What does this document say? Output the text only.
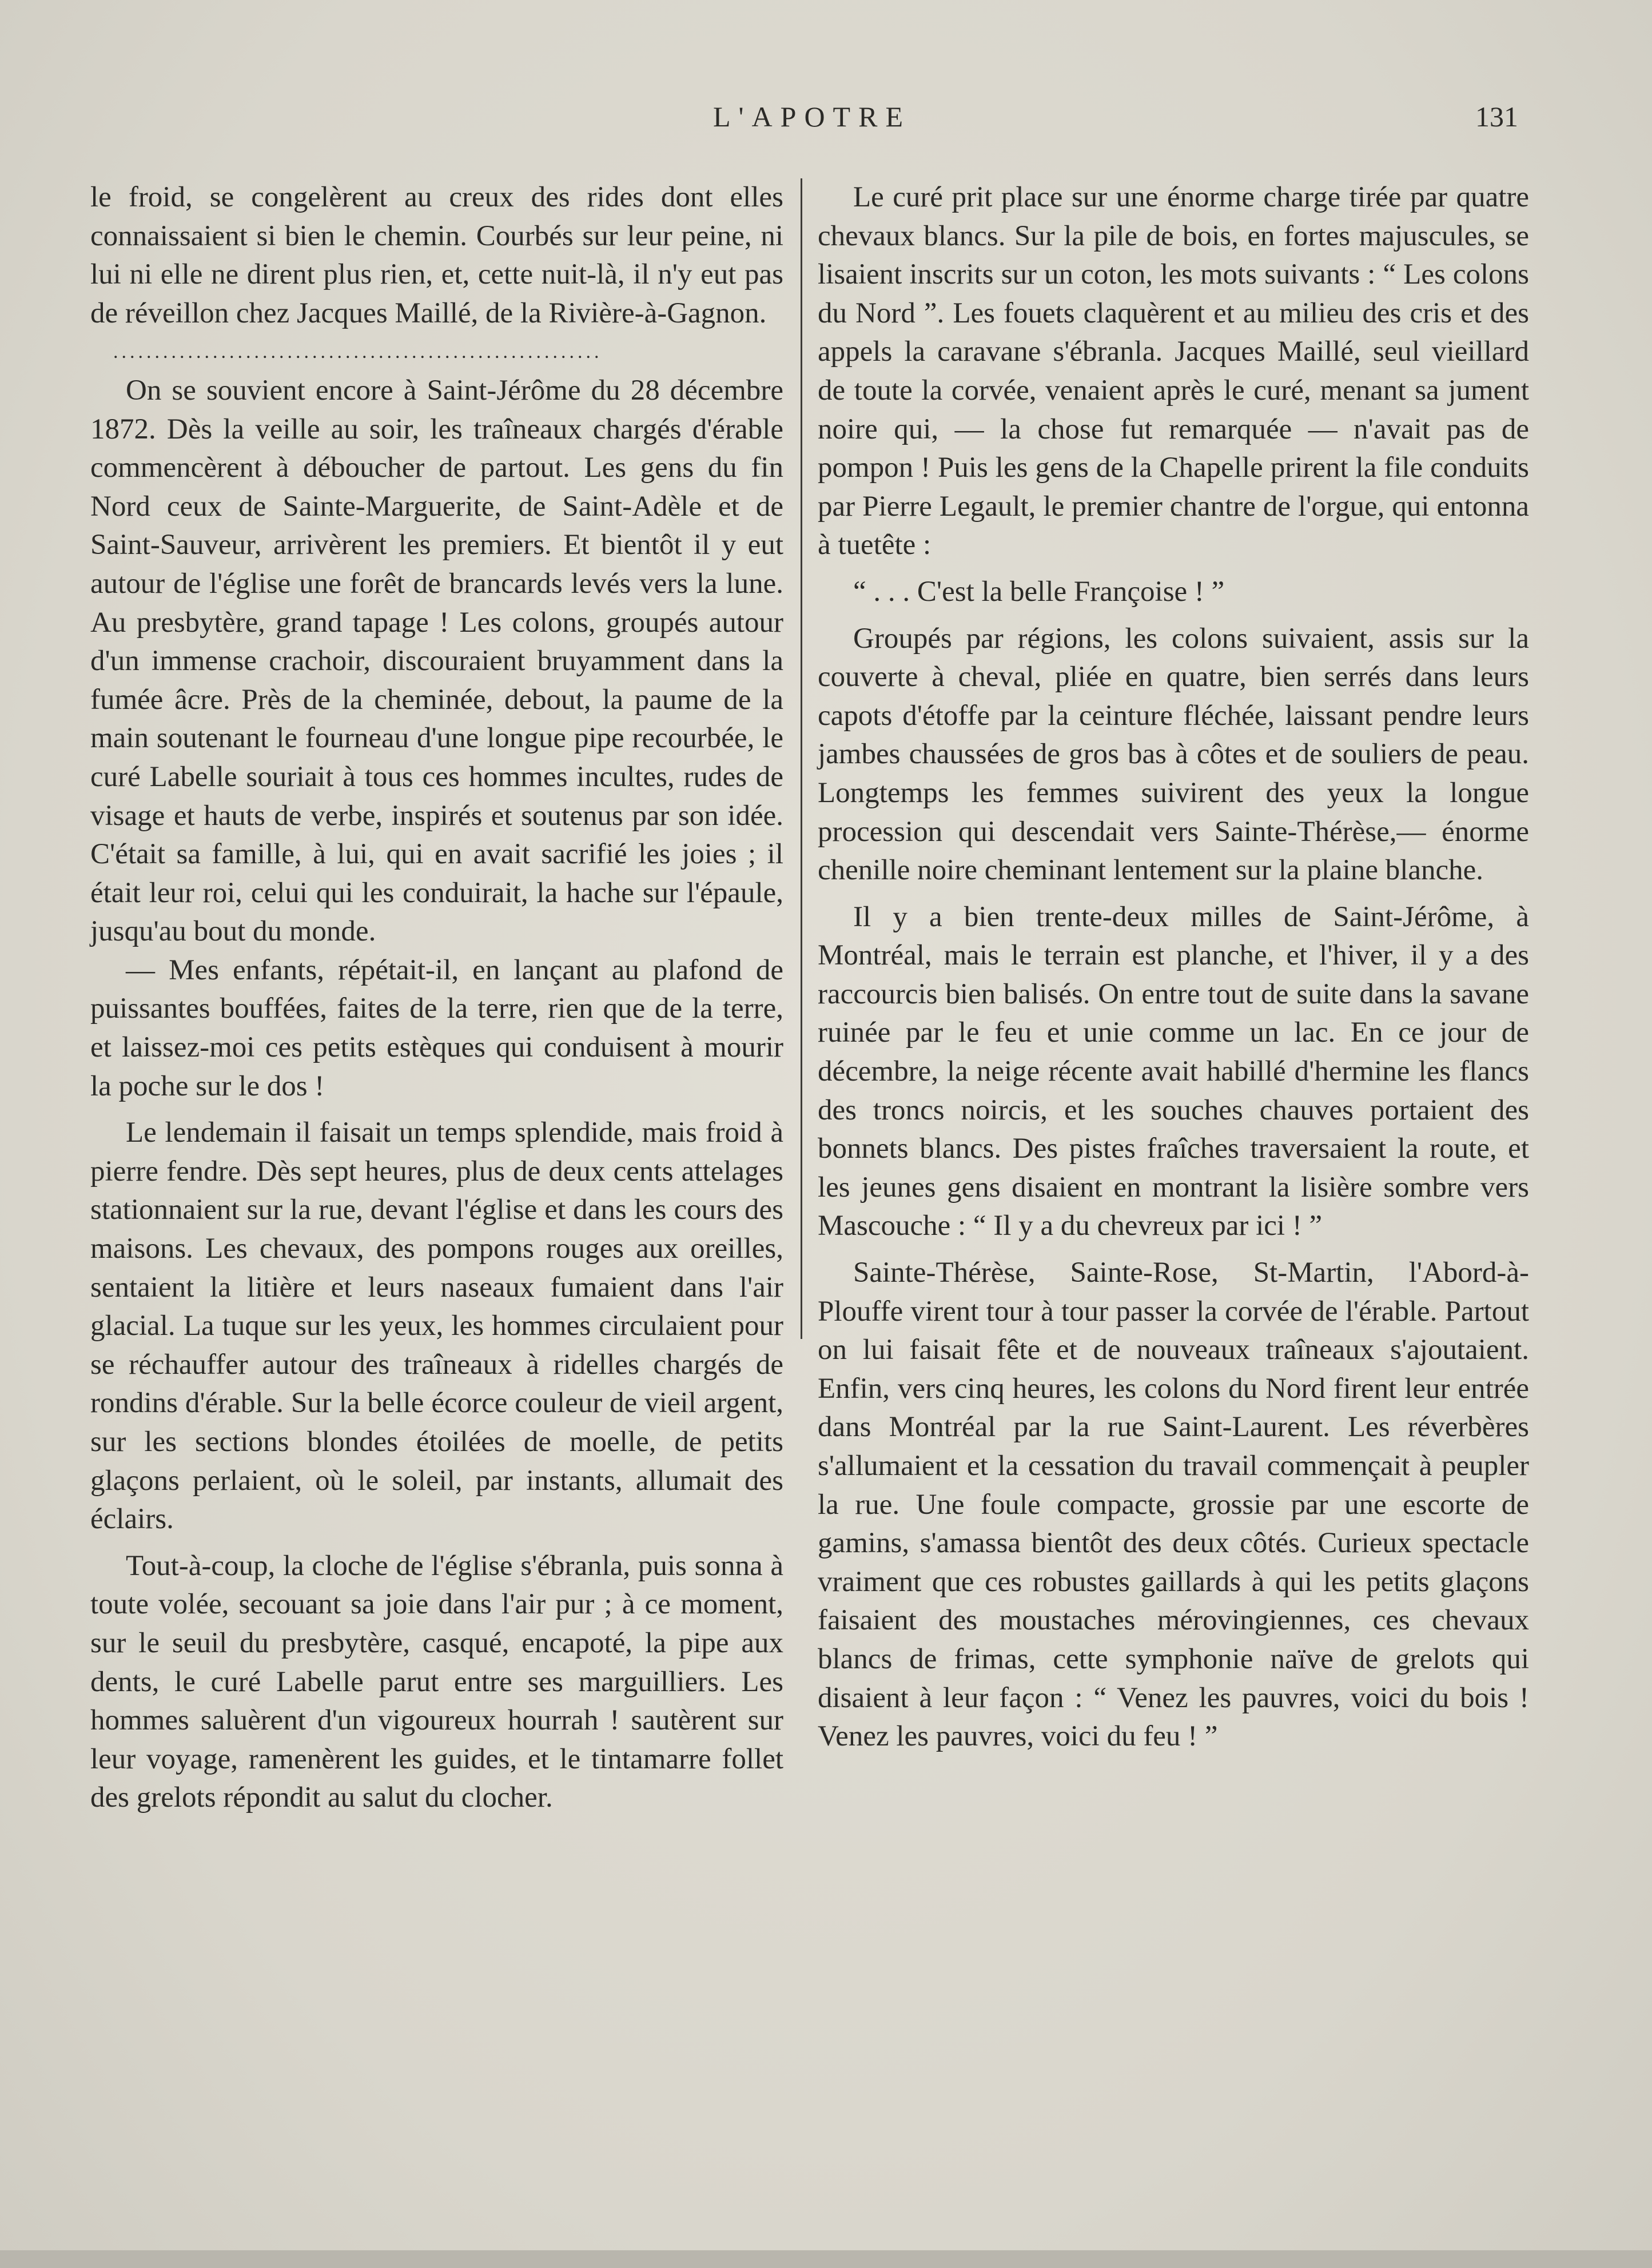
L'APOTRE	131

le froid, se congelèrent au creux des rides dont elles connaissaient si bien le chemin. Courbés sur leur peine, ni lui ni elle ne dirent plus rien, et, cette nuit-là, il n'y eut pas de réveillon chez Jacques Maillé, de la Rivière-à-Gagnon.

...........................................................

On se souvient encore à Saint-Jérôme du 28 décembre 1872. Dès la veille au soir, les traîneaux chargés d'érable commencèrent à déboucher de partout. Les gens du fin Nord ceux de Sainte-Marguerite, de Saint-Adèle et de Saint-Sauveur, arrivèrent les premiers. Et bientôt il y eut autour de l'église une forêt de brancards levés vers la lune. Au presbytère, grand tapage ! Les colons, groupés autour d'un immense crachoir, discouraient bruyamment dans la fumée âcre. Près de la cheminée, debout, la paume de la main soutenant le fourneau d'une longue pipe recourbée, le curé Labelle souriait à tous ces hommes incultes, rudes de visage et hauts de verbe, inspirés et soutenus par son idée. C'était sa famille, à lui, qui en avait sacrifié les joies ; il était leur roi, celui qui les conduirait, la hache sur l'épaule, jusqu'au bout du monde.

— Mes enfants, répétait-il, en lançant au plafond de puissantes bouffées, faites de la terre, rien que de la terre, et laissez-moi ces petits estèques qui conduisent à mourir la poche sur le dos !

Le lendemain il faisait un temps splendide, mais froid à pierre fendre. Dès sept heures, plus de deux cents attelages stationnaient sur la rue, devant l'église et dans les cours des maisons. Les chevaux, des pompons rouges aux oreilles, sentaient la litière et leurs naseaux fumaient dans l'air glacial. La tuque sur les yeux, les hommes circulaient pour se réchauffer autour des traîneaux à ridelles chargés de rondins d'érable. Sur la belle écorce couleur de vieil argent, sur les sections blondes étoilées de moelle, de petits glaçons perlaient, où le soleil, par instants, allumait des éclairs.

Tout-à-coup, la cloche de l'église s'ébranla, puis sonna à toute volée, secouant sa joie dans l'air pur ; à ce moment, sur le seuil du presbytère, casqué, encapoté, la pipe aux dents, le curé Labelle parut entre ses marguilliers. Les hommes saluèrent d'un vigoureux hourrah ! sautèrent sur leur voyage, ramenèrent les guides, et le tintamarre follet des grelots répondit au salut du clocher.

Le curé prit place sur une énorme charge tirée par quatre chevaux blancs. Sur la pile de bois, en fortes majuscules, se lisaient inscrits sur un coton, les mots suivants : “ Les colons du Nord ”. Les fouets claquèrent et au milieu des cris et des appels la caravane s'ébranla. Jacques Maillé, seul vieillard de toute la corvée, venaient après le curé, menant sa jument noire qui, — la chose fut remarquée — n'avait pas de pompon ! Puis les gens de la Chapelle prirent la file conduits par Pierre Legault, le premier chantre de l'orgue, qui entonna à tuetête :

“ . . . C'est la belle Françoise ! ”

Groupés par régions, les colons suivaient, assis sur la couverte à cheval, pliée en quatre, bien serrés dans leurs capots d'étoffe par la ceinture fléchée, laissant pendre leurs jambes chaussées de gros bas à côtes et de souliers de peau. Longtemps les femmes suivirent des yeux la longue procession qui descendait vers Sainte-Thérèse,— énorme chenille noire cheminant lentement sur la plaine blanche.

Il y a bien trente-deux milles de Saint-Jérôme, à Montréal, mais le terrain est planche, et l'hiver, il y a des raccourcis bien balisés. On entre tout de suite dans la savane ruinée par le feu et unie comme un lac. En ce jour de décembre, la neige récente avait habillé d'hermine les flancs des troncs noircis, et les souches chauves portaient des bonnets blancs. Des pistes fraîches traversaient la route, et les jeunes gens disaient en montrant la lisière sombre vers Mascouche : “ Il y a du chevreux par ici ! ”

Sainte-Thérèse, Sainte-Rose, St-Martin, l'Abord-à-Plouffe virent tour à tour passer la corvée de l'érable. Partout on lui faisait fête et de nouveaux traîneaux s'ajoutaient. Enfin, vers cinq heures, les colons du Nord firent leur entrée dans Montréal par la rue Saint-Laurent. Les réverbères s'allumaient et la cessation du travail commençait à peupler la rue. Une foule compacte, grossie par une escorte de gamins, s'amassa bientôt des deux côtés. Curieux spectacle vraiment que ces robustes gaillards à qui les petits glaçons faisaient des moustaches mérovingiennes, ces chevaux blancs de frimas, cette symphonie naïve de grelots qui disaient à leur façon : “ Venez les pauvres, voici du bois ! Venez les pauvres, voici du feu ! ”
